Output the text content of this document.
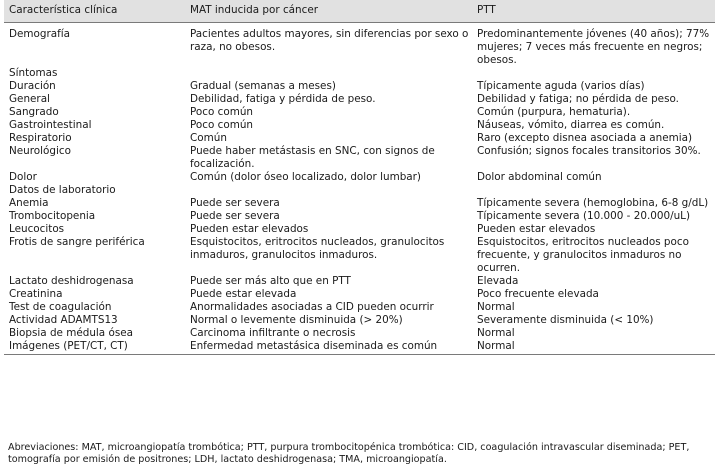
Característica clínica	MAT inducida por cáncer	PTT
Demografía	Pacientes adultos mayores, sin diferencias por sexo o raza, no obesos.	Predominantemente jóvenes (40 años); 77% mujeres; 7 veces más frecuente en negros; obesos.
Síntomas		
Duración	Gradual (semanas a meses)	Típicamente aguda (varios días)
General	Debilidad, fatiga y pérdida de peso.	Debilidad y fatiga; no pérdida de peso.
Sangrado	Poco común	Común (purpura, hematuria).
Gastrointestinal	Poco común	Náuseas, vómito, diarrea es común.
Respiratorio	Común	Raro (excepto disnea asociada a anemia)
Neurológico	Puede haber metástasis en SNC, con signos de focalización.	Confusión; signos focales transitorios 30%.
Dolor	Común (dolor óseo localizado, dolor lumbar)	Dolor abdominal común
Datos de laboratorio		
Anemia	Puede ser severa	Típicamente severa (hemoglobina, 6-8 g/dL)
Trombocitopenia	Puede ser severa	Típicamente severa (10.000 - 20.000/uL)
Leucocitos	Pueden estar elevados	Pueden estar elevados
Frotis de sangre periférica	Esquistocitos, eritrocitos nucleados, granulocitos inmaduros, granulocitos inmaduros.	Esquistocitos, eritrocitos nucleados poco frecuente, y granulocitos inmaduros no ocurren.
Lactato deshidrogenasa	Puede ser más alto que en PTT	Elevada
Creatinina	Puede estar elevada	Poco frecuente elevada
Test de coagulación	Anormalidades asociadas a CID pueden ocurrir	Normal
Actividad ADAMTS13	Normal o levemente disminuida (> 20%)	Severamente disminuida (< 10%)
Biopsia de médula ósea	Carcinoma infiltrante o necrosis	Normal
Imágenes (PET/CT, CT)	Enfermedad metastásica diseminada es común	Normal
Abreviaciones: MAT, microangiopatía trombótica; PTT, purpura trombocitopénica trombótica: CID, coagulación intravascular diseminada; PET, tomografía por emisión de positrones; LDH, lactato deshidrogenasa; TMA, microangiopatía.
